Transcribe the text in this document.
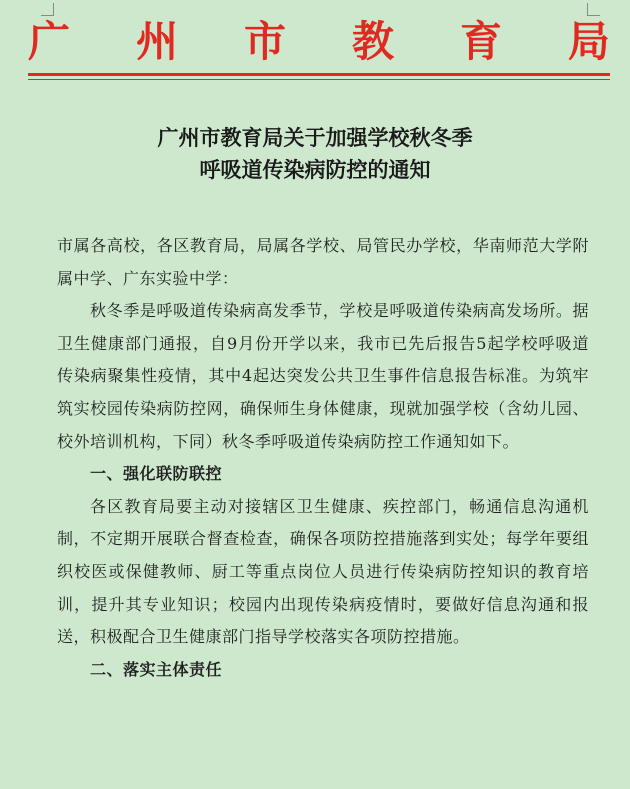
广 州 市 教 育 局
广州市教育局关于加强学校秋冬季
呼吸道传染病防控的通知

市属各高校，各区教育局，局属各学校、局管民办学校，华南师范大学附属中学、广东实验中学：

秋冬季是呼吸道传染病高发季节，学校是呼吸道传染病高发场所。据卫生健康部门通报，自9月份开学以来，我市已先后报告5起学校呼吸道传染病聚集性疫情，其中4起达突发公共卫生事件信息报告标准。为筑牢筑实校园传染病防控网，确保师生身体健康，现就加强学校（含幼儿园、校外培训机构，下同）秋冬季呼吸道传染病防控工作通知如下。

一、强化联防联控

各区教育局要主动对接辖区卫生健康、疾控部门，畅通信息沟通机制，不定期开展联合督查检查，确保各项防控措施落到实处；每学年要组织校医或保健教师、厨工等重点岗位人员进行传染病防控知识的教育培训，提升其专业知识；校园内出现传染病疫情时，要做好信息沟通和报送，积极配合卫生健康部门指导学校落实各项防控措施。

二、落实主体责任
